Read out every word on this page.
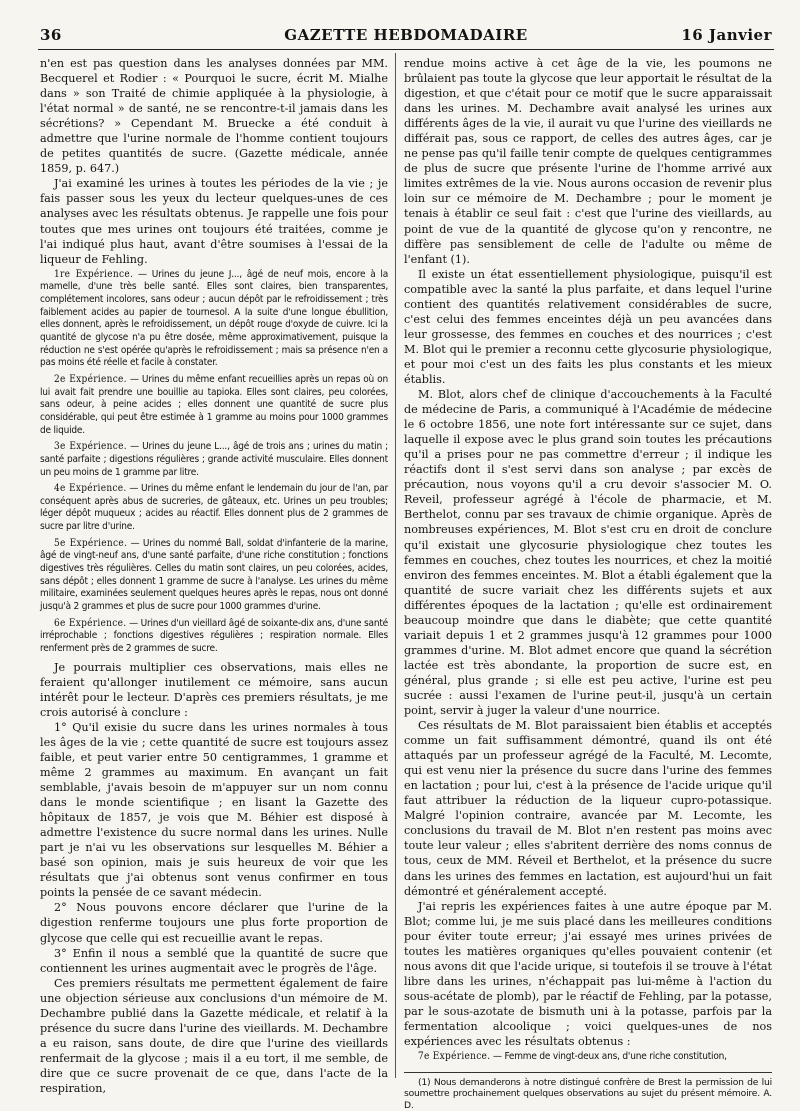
36	GAZETTE HEBDOMADAIRE	16 Janvier

n'en est pas question dans les analyses données par MM. Becquerel et Rodier : « Pourquoi le sucre, écrit M. Mialhe dans » son Traité de chimie appliquée à la physiologie, à l'état normal » de santé, ne se rencontre-t-il jamais dans les sécrétions? » Cependant M. Bruecke a été conduit à admettre que l'urine normale de l'homme contient toujours de petites quantités de sucre. (Gazette médicale, année 1859, p. 647.)

J'ai examiné les urines à toutes les périodes de la vie ; je fais passer sous les yeux du lecteur quelques-unes de ces analyses avec les résultats obtenus. Je rappelle une fois pour toutes que mes urines ont toujours été traitées, comme je l'ai indiqué plus haut, avant d'être soumises à l'essai de la liqueur de Fehling.

1re Expérience. — Urines du jeune J..., âgé de neuf mois, encore à la mamelle, d'une très belle santé. Elles sont claires, bien transparentes, complétement incolores, sans odeur ; aucun dépôt par le refroidissement ; très faiblement acides au papier de tournesol. A la suite d'une longue ébullition, elles donnent, après le refroidissement, un dépôt rouge d'oxyde de cuivre. Ici la quantité de glycose n'a pu être dosée, même approximativement, puisque la réduction ne s'est opérée qu'après le refroidissement ; mais sa présence n'en a pas moins été réelle et facile à constater.

2e Expérience. — Urines du même enfant recueillies après un repas où on lui avait fait prendre une bouillie au tapioka. Elles sont claires, peu colorées, sans odeur, à peine acides ; elles donnent une quantité de sucre plus considérable, qui peut être estimée à 1 gramme au moins pour 1000 grammes de liquide.

3e Expérience. — Urines du jeune L..., âgé de trois ans ; urines du matin ; santé parfaite ; digestions régulières ; grande activité musculaire. Elles donnent un peu moins de 1 gramme par litre.

4e Expérience. — Urines du même enfant le lendemain du jour de l'an, par conséquent après abus de sucreries, de gâteaux, etc. Urines un peu troubles; léger dépôt muqueux ; acides au réactif. Elles donnent plus de 2 grammes de sucre par litre d'urine.

5e Expérience. — Urines du nommé Ball, soldat d'infanterie de la marine, âgé de vingt-neuf ans, d'une santé parfaite, d'une riche constitution ; fonctions digestives très régulières. Celles du matin sont claires, un peu colorées, acides, sans dépôt ; elles donnent 1 gramme de sucre à l'analyse. Les urines du même militaire, examinées seulement quelques heures après le repas, nous ont donné jusqu'à 2 grammes et plus de sucre pour 1000 grammes d'urine.

6e Expérience. — Urines d'un vieillard âgé de soixante-dix ans, d'une santé irréprochable ; fonctions digestives régulières ; respiration normale. Elles renferment près de 2 grammes de sucre.

Je pourrais multiplier ces observations, mais elles ne feraient qu'allonger inutilement ce mémoire, sans aucun intérêt pour le lecteur. D'après ces premiers résultats, je me crois autorisé à conclure :

1° Qu'il exisie du sucre dans les urines normales à tous les âges de la vie ; cette quantité de sucre est toujours assez faible, et peut varier entre 50 centigrammes, 1 gramme et même 2 grammes au maximum. En avançant un fait semblable, j'avais besoin de m'appuyer sur un nom connu dans le monde scientifique ; en lisant la Gazette des hôpitaux de 1857, je vois que M. Béhier est disposé à admettre l'existence du sucre normal dans les urines. Nulle part je n'ai vu les observations sur lesquelles M. Béhier a basé son opinion, mais je suis heureux de voir que les résultats que j'ai obtenus sont venus confirmer en tous points la pensée de ce savant médecin.

2° Nous pouvons encore déclarer que l'urine de la digestion renferme toujours une plus forte proportion de glycose que celle qui est recueillie avant le repas.

3° Enfin il nous a semblé que la quantité de sucre que contiennent les urines augmentait avec le progrès de l'âge.

Ces premiers résultats me permettent également de faire une objection sérieuse aux conclusions d'un mémoire de M. Dechambre publié dans la Gazette médicale, et relatif à la présence du sucre dans l'urine des vieillards. M. Dechambre a eu raison, sans doute, de dire que l'urine des vieillards renfermait de la glycose ; mais il a eu tort, il me semble, de dire que ce sucre provenait de ce que, dans l'acte de la respiration,

rendue moins active à cet âge de la vie, les poumons ne brûlaient pas toute la glycose que leur apportait le résultat de la digestion, et que c'était pour ce motif que le sucre apparaissait dans les urines. M. Dechambre avait analysé les urines aux différents âges de la vie, il aurait vu que l'urine des vieillards ne différait pas, sous ce rapport, de celles des autres âges, car je ne pense pas qu'il faille tenir compte de quelques centigrammes de plus de sucre que présente l'urine de l'homme arrivé aux limites extrêmes de la vie. Nous aurons occasion de revenir plus loin sur ce mémoire de M. Dechambre ; pour le moment je tenais à établir ce seul fait : c'est que l'urine des vieillards, au point de vue de la quantité de glycose qu'on y rencontre, ne diffère pas sensiblement de celle de l'adulte ou même de l'enfant (1).

Il existe un état essentiellement physiologique, puisqu'il est compatible avec la santé la plus parfaite, et dans lequel l'urine contient des quantités relativement considérables de sucre, c'est celui des femmes enceintes déjà un peu avancées dans leur grossesse, des femmes en couches et des nourrices ; c'est M. Blot qui le premier a reconnu cette glycosurie physiologique, et pour moi c'est un des faits les plus constants et les mieux établis.

M. Blot, alors chef de clinique d'accouchements à la Faculté de médecine de Paris, a communiqué à l'Académie de médecine le 6 octobre 1856, une note fort intéressante sur ce sujet, dans laquelle il expose avec le plus grand soin toutes les précautions qu'il a prises pour ne pas commettre d'erreur ; il indique les réactifs dont il s'est servi dans son analyse ; par excès de précaution, nous voyons qu'il a cru devoir s'associer M. O. Reveil, professeur agrégé à l'école de pharmacie, et M. Berthelot, connu par ses travaux de chimie organique. Après de nombreuses expériences, M. Blot s'est cru en droit de conclure qu'il existait une glycosurie physiologique chez toutes les femmes en couches, chez toutes les nourrices, et chez la moitié environ des femmes enceintes. M. Blot a établi également que la quantité de sucre variait chez les différents sujets et aux différentes époques de la lactation ; qu'elle est ordinairement beaucoup moindre que dans le diabète; que cette quantité variait depuis 1 et 2 grammes jusqu'à 12 grammes pour 1000 grammes d'urine. M. Blot admet encore que quand la sécrétion lactée est très abondante, la proportion de sucre est, en général, plus grande ; si elle est peu active, l'urine est peu sucrée : aussi l'examen de l'urine peut-il, jusqu'à un certain point, servir à juger la valeur d'une nourrice.

Ces résultats de M. Blot paraissaient bien établis et acceptés comme un fait suffisamment démontré, quand ils ont été attaqués par un professeur agrégé de la Faculté, M. Lecomte, qui est venu nier la présence du sucre dans l'urine des femmes en lactation ; pour lui, c'est à la présence de l'acide urique qu'il faut attribuer la réduction de la liqueur cupro-potassique. Malgré l'opinion contraire, avancée par M. Lecomte, les conclusions du travail de M. Blot n'en restent pas moins avec toute leur valeur ; elles s'abritent derrière des noms connus de tous, ceux de MM. Réveil et Berthelot, et la présence du sucre dans les urines des femmes en lactation, est aujourd'hui un fait démontré et généralement accepté.

J'ai repris les expériences faites à une autre époque par M. Blot; comme lui, je me suis placé dans les meilleures conditions pour éviter toute erreur; j'ai essayé mes urines privées de toutes les matières organiques qu'elles pouvaient contenir (et nous avons dit que l'acide urique, si toutefois il se trouve à l'état libre dans les urines, n'échappait pas lui-même à l'action du sous-acétate de plomb), par le réactif de Fehling, par la potasse, par le sous-azotate de bismuth uni à la potasse, parfois par la fermentation alcoolique ; voici quelques-unes de nos expériences avec les résultats obtenus :

7e Expérience. — Femme de vingt-deux ans, d'une riche constitution,

(1) Nous demanderons à notre distingué confrère de Brest la permission de lui soumettre prochainement quelques observations au sujet du présent mémoire. A. D.
